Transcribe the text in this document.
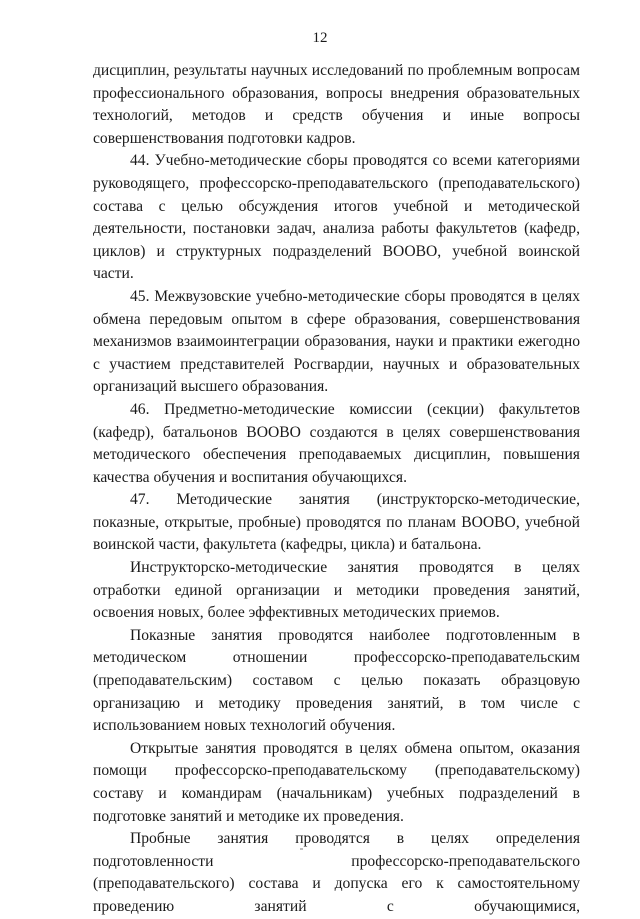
12

дисциплин, результаты научных исследований по проблемным вопросам профессионального образования, вопросы внедрения образовательных технологий, методов и средств обучения и иные вопросы совершенствования подготовки кадров.

44. Учебно-методические сборы проводятся со всеми категориями руководящего, профессорско-преподавательского (преподавательского) состава с целью обсуждения итогов учебной и методической деятельности, постановки задач, анализа работы факультетов (кафедр, циклов) и структурных подразделений ВООВО, учебной воинской части.

45. Межвузовские учебно-методические сборы проводятся в целях обмена передовым опытом в сфере образования, совершенствования механизмов взаимоинтеграции образования, науки и практики ежегодно с участием представителей Росгвардии, научных и образовательных организаций высшего образования.

46. Предметно-методические комиссии (секции) факультетов (кафедр), батальонов ВООВО создаются в целях совершенствования методического обеспечения преподаваемых дисциплин, повышения качества обучения и воспитания обучающихся.

47. Методические занятия (инструкторско-методические, показные, открытые, пробные) проводятся по планам ВООВО, учебной воинской части, факультета (кафедры, цикла) и батальона.

Инструкторско-методические занятия проводятся в целях отработки единой организации и методики проведения занятий, освоения новых, более эффективных методических приемов.

Показные занятия проводятся наиболее подготовленным в методическом отношении профессорско-преподавательским (преподавательским) составом с целью показать образцовую организацию и методику проведения занятий, в том числе с использованием новых технологий обучения.

Открытые занятия проводятся в целях обмена опытом, оказания помощи профессорско-преподавательскому (преподавательскому) составу и командирам (начальникам) учебных подразделений в подготовке занятий и методике их проведения.

Пробные занятия проводятся в целях определения подготовленности профессорско-преподавательского (преподавательского) состава и допуска его к самостоятельному проведению занятий с обучающимися,
